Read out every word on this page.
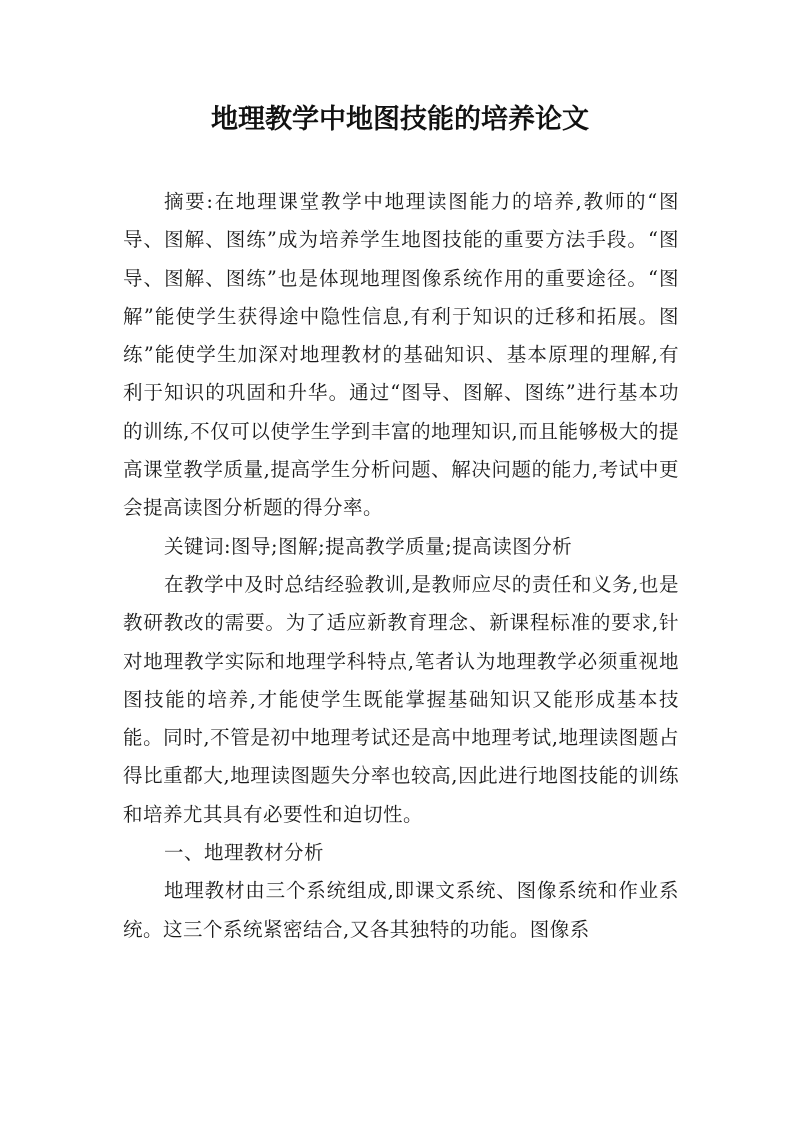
地理教学中地图技能的培养论文

摘要:在地理课堂教学中地理读图能力的培养,教师的“图导、图解、图练”成为培养学生地图技能的重要方法手段。“图导、图解、图练”也是体现地理图像系统作用的重要途径。“图解”能使学生获得途中隐性信息,有利于知识的迁移和拓展。图练”能使学生加深对地理教材的基础知识、基本原理的理解,有利于知识的巩固和升华。通过“图导、图解、图练”进行基本功的训练,不仅可以使学生学到丰富的地理知识,而且能够极大的提高课堂教学质量,提高学生分析问题、解决问题的能力,考试中更会提高读图分析题的得分率。

关键词:图导;图解;提高教学质量;提高读图分析

在教学中及时总结经验教训,是教师应尽的责任和义务,也是教研教改的需要。为了适应新教育理念、新课程标准的要求,针对地理教学实际和地理学科特点,笔者认为地理教学必须重视地图技能的培养,才能使学生既能掌握基础知识又能形成基本技能。同时,不管是初中地理考试还是高中地理考试,地理读图题占得比重都大,地理读图题失分率也较高,因此进行地图技能的训练和培养尤其具有必要性和迫切性。

一、地理教材分析

地理教材由三个系统组成,即课文系统、图像系统和作业系统。这三个系统紧密结合,又各其独特的功能。图像系
